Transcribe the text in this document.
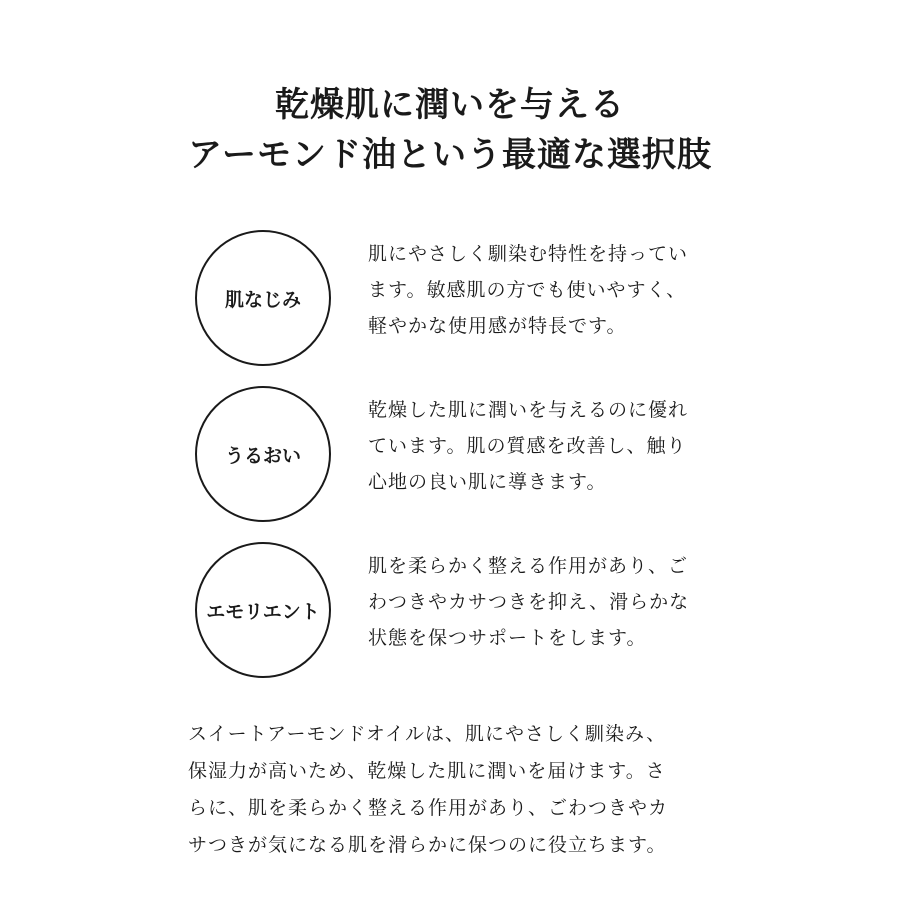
乾燥肌に潤いを与える
アーモンド油という最適な選択肢
肌なじみ
肌にやさしく馴染む特性を持ってい
ます。敏感肌の方でも使いやすく、
軽やかな使用感が特長です。
うるおい
乾燥した肌に潤いを与えるのに優れ
ています。肌の質感を改善し、触り
心地の良い肌に導きます。
エモリエント
肌を柔らかく整える作用があり、ご
わつきやカサつきを抑え、滑らかな
状態を保つサポートをします。
スイートアーモンドオイルは、肌にやさしく馴染み、
保湿力が高いため、乾燥した肌に潤いを届けます。さ
らに、肌を柔らかく整える作用があり、ごわつきやカ
サつきが気になる肌を滑らかに保つのに役立ちます。
